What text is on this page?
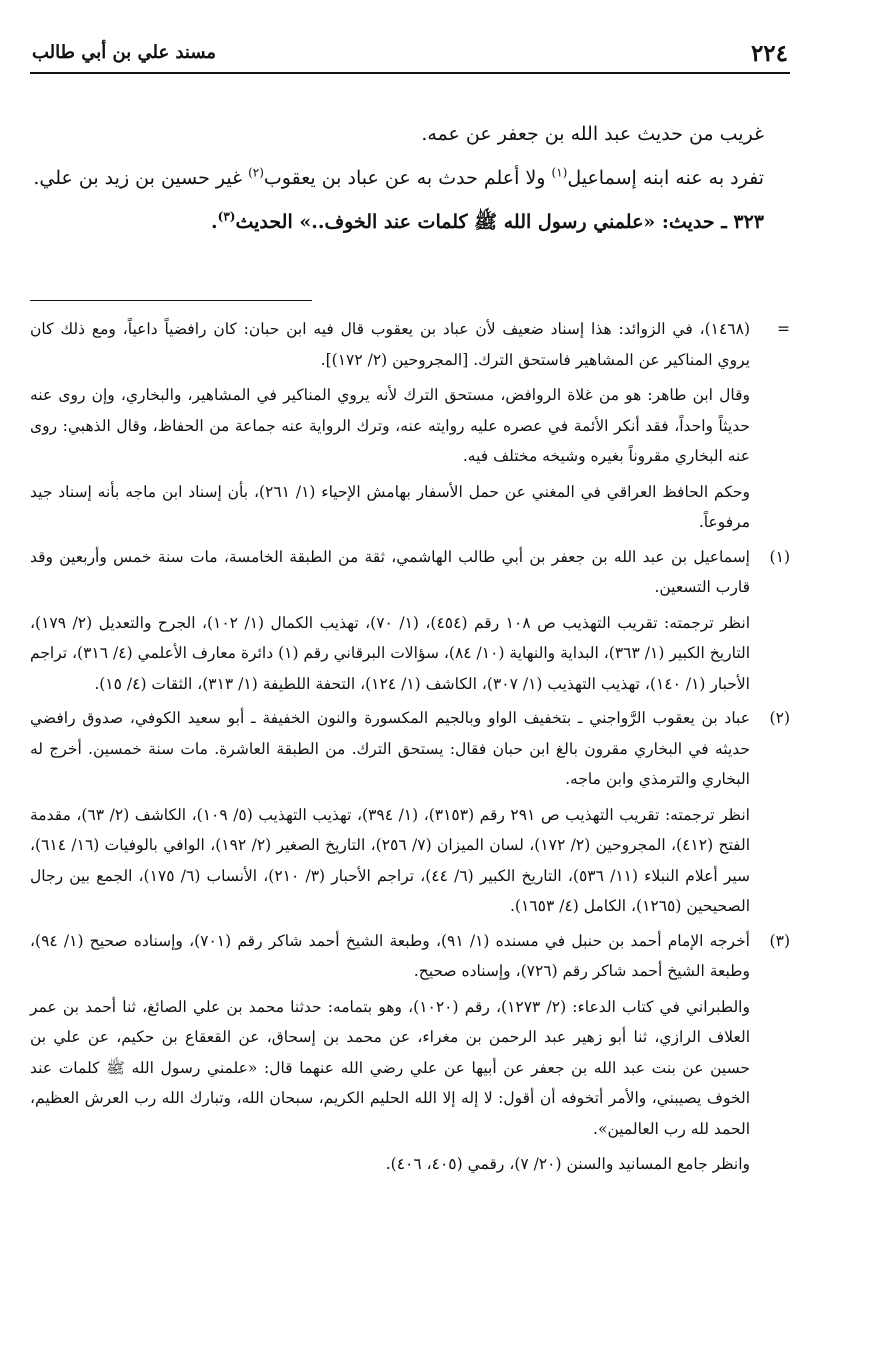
٢٢٤
مسند علي بن أبي طالب

غريب من حديث عبد الله بن جعفر عن عمه.

تفرد به عنه ابنه إسماعيل$^{(١)}$ ولا أعلم حدث به عن عباد بن يعقوب$^{(٢)}$ غير حسين بن زيد بن علي.

٣٢٣ ـ حديث: «علمني رسول الله ﷺ كلمات عند الخوف..» الحديث$^{(٣)}$.

=

(١٤٦٨)، في الزوائد: هذا إسناد ضعيف لأن عباد بن يعقوب قال فيه ابن حبان: كان رافضياً داعياً، ومع ذلك كان يروي المناكير عن المشاهير فاستحق الترك. [المجروحين (٢/ ١٧٢)].

وقال ابن طاهر: هو من غلاة الروافض، مستحق الترك لأنه يروي المناكير في المشاهير، والبخاري، وإن روى عنه حديثاً واحداً، فقد أنكر الأئمة في عصره عليه روايته عنه، وترك الرواية عنه جماعة من الحفاظ، وقال الذهبي: روى عنه البخاري مقروناً بغيره وشيخه مختلف فيه.

وحكم الحافظ العراقي في المغني عن حمل الأسفار بهامش الإحياء (١/ ٢٦١)، بأن إسناد ابن ماجه بأنه إسناد جيد مرفوعاً.

(١)

إسماعيل بن عبد الله بن جعفر بن أبي طالب الهاشمي، ثقة من الطبقة الخامسة، مات سنة خمس وأربعين وقد قارب التسعين.

انظر ترجمته: تقريب التهذيب ص ١٠٨ رقم (٤٥٤)، (١/ ٧٠)، تهذيب الكمال (١/ ١٠٢)، الجرح والتعديل (٢/ ١٧٩)، التاريخ الكبير (١/ ٣٦٣)، البداية والنهاية (١٠/ ٨٤)، سؤالات البرقاني رقم (١) دائرة معارف الأعلمي (٤/ ٣١٦)، تراجم الأحبار (١/ ١٤٠)، تهذيب التهذيب (١/ ٣٠٧)، الكاشف (١/ ١٢٤)، التحفة اللطيفة (١/ ٣١٣)، الثقات (٤/ ١٥).

(٢)

عباد بن يعقوب الرَّواجني ـ بتخفيف الواو وبالجيم المكسورة والنون الخفيفة ـ أبو سعيد الكوفي، صدوق رافضي حديثه في البخاري مقرون بالغ ابن حبان فقال: يستحق الترك. من الطبقة العاشرة. مات سنة خمسين. أخرج له البخاري والترمذي وابن ماجه.

انظر ترجمته: تقريب التهذيب ص ٢٩١ رقم (٣١٥٣)، (١/ ٣٩٤)، تهذيب التهذيب (٥/ ١٠٩)، الكاشف (٢/ ٦٣)، مقدمة الفتح (٤١٢)، المجروحين (٢/ ١٧٢)، لسان الميزان (٧/ ٢٥٦)، التاريخ الصغير (٢/ ١٩٢)، الوافي بالوفيات (١٦/ ٦١٤)، سير أعلام النبلاء (١١/ ٥٣٦)، التاريخ الكبير (٦/ ٤٤)، تراجم الأحبار (٣/ ٢١٠)، الأنساب (٦/ ١٧٥)، الجمع بين رجال الصحيحين (١٢٦٥)، الكامل (٤/ ١٦٥٣).

(٣)

أخرجه الإمام أحمد بن حنبل في مسنده (١/ ٩١)، وطبعة الشيخ أحمد شاكر رقم (٧٠١)، وإسناده صحيح (١/ ٩٤)، وطبعة الشيخ أحمد شاكر رقم (٧٢٦)، وإسناده صحيح.

والطبراني في كتاب الدعاء: (٢/ ١٢٧٣)، رقم (١٠٢٠)، وهو بتمامه: حدثنا محمد بن علي الصائغ، ثنا أحمد بن عمر العلاف الرازي، ثنا أبو زهير عبد الرحمن بن مغراء، عن محمد بن إسحاق، عن القعقاع بن حكيم، عن علي بن حسين عن بنت عبد الله بن جعفر عن أبيها عن علي رضي الله عنهما قال: «علمني رسول الله ﷺ كلمات عند الخوف يصيبني، والأمر أتخوفه أن أقول: لا إله إلا الله الحليم الكريم، سبحان الله، وتبارك الله رب العرش العظيم، الحمد لله رب العالمين».

وانظر جامع المسانيد والسنن (٢٠/ ٧)، رقمي (٤٠٥، ٤٠٦).
